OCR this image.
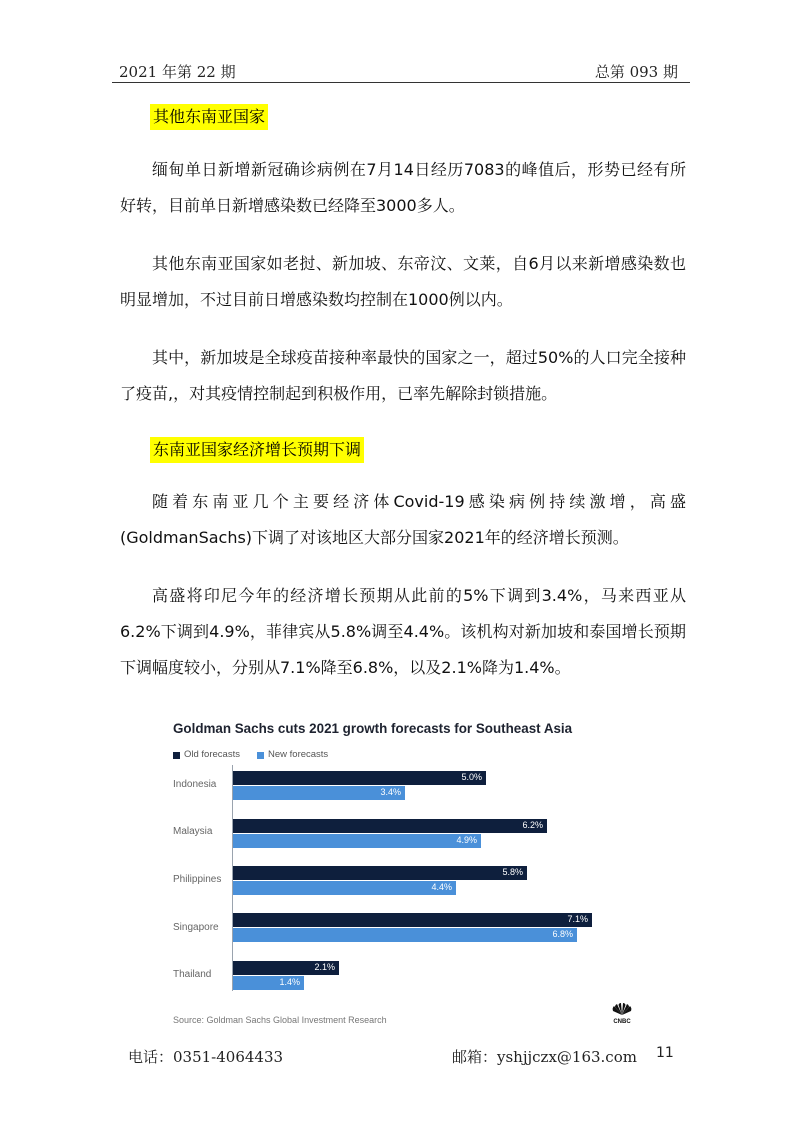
2021 年第 22 期	总第 093 期
其他东南亚国家
缅甸单日新增新冠确诊病例在7月14日经历7083的峰值后，形势已经有所好转，目前单日新增感染数已经降至3000多人。
其他东南亚国家如老挝、新加坡、东帝汶、文莱，自6月以来新增感染数也明显增加，不过目前日增感染数均控制在1000例以内。
其中，新加坡是全球疫苗接种率最快的国家之一，超过50%的人口完全接种了疫苗,，对其疫情控制起到积极作用，已率先解除封锁措施。
东南亚国家经济增长预期下调
随着东南亚几个主要经济体Covid-19感染病例持续激增，高盛(GoldmanSachs)下调了对该地区大部分国家2021年的经济增长预测。
高盛将印尼今年的经济增长预期从此前的5%下调到3.4%，马来西亚从6.2%下调到4.9%，菲律宾从5.8%调至4.4%。该机构对新加坡和泰国增长预期下调幅度较小，分别从7.1%降至6.8%，以及2.1%降为1.4%。
Goldman Sachs cuts 2021 growth forecasts for Southeast Asia
Old forecasts	New forecasts
Indonesia
Malaysia
Philippines
Singapore
Thailand
5.0%
3.4%
6.2%
4.9%
5.8%
4.4%
7.1%
6.8%
2.1%
1.4%
Source: Goldman Sachs Global Investment Research	CNBC
电话：0351-4064433	邮箱：yshjjczx@163.com 11
